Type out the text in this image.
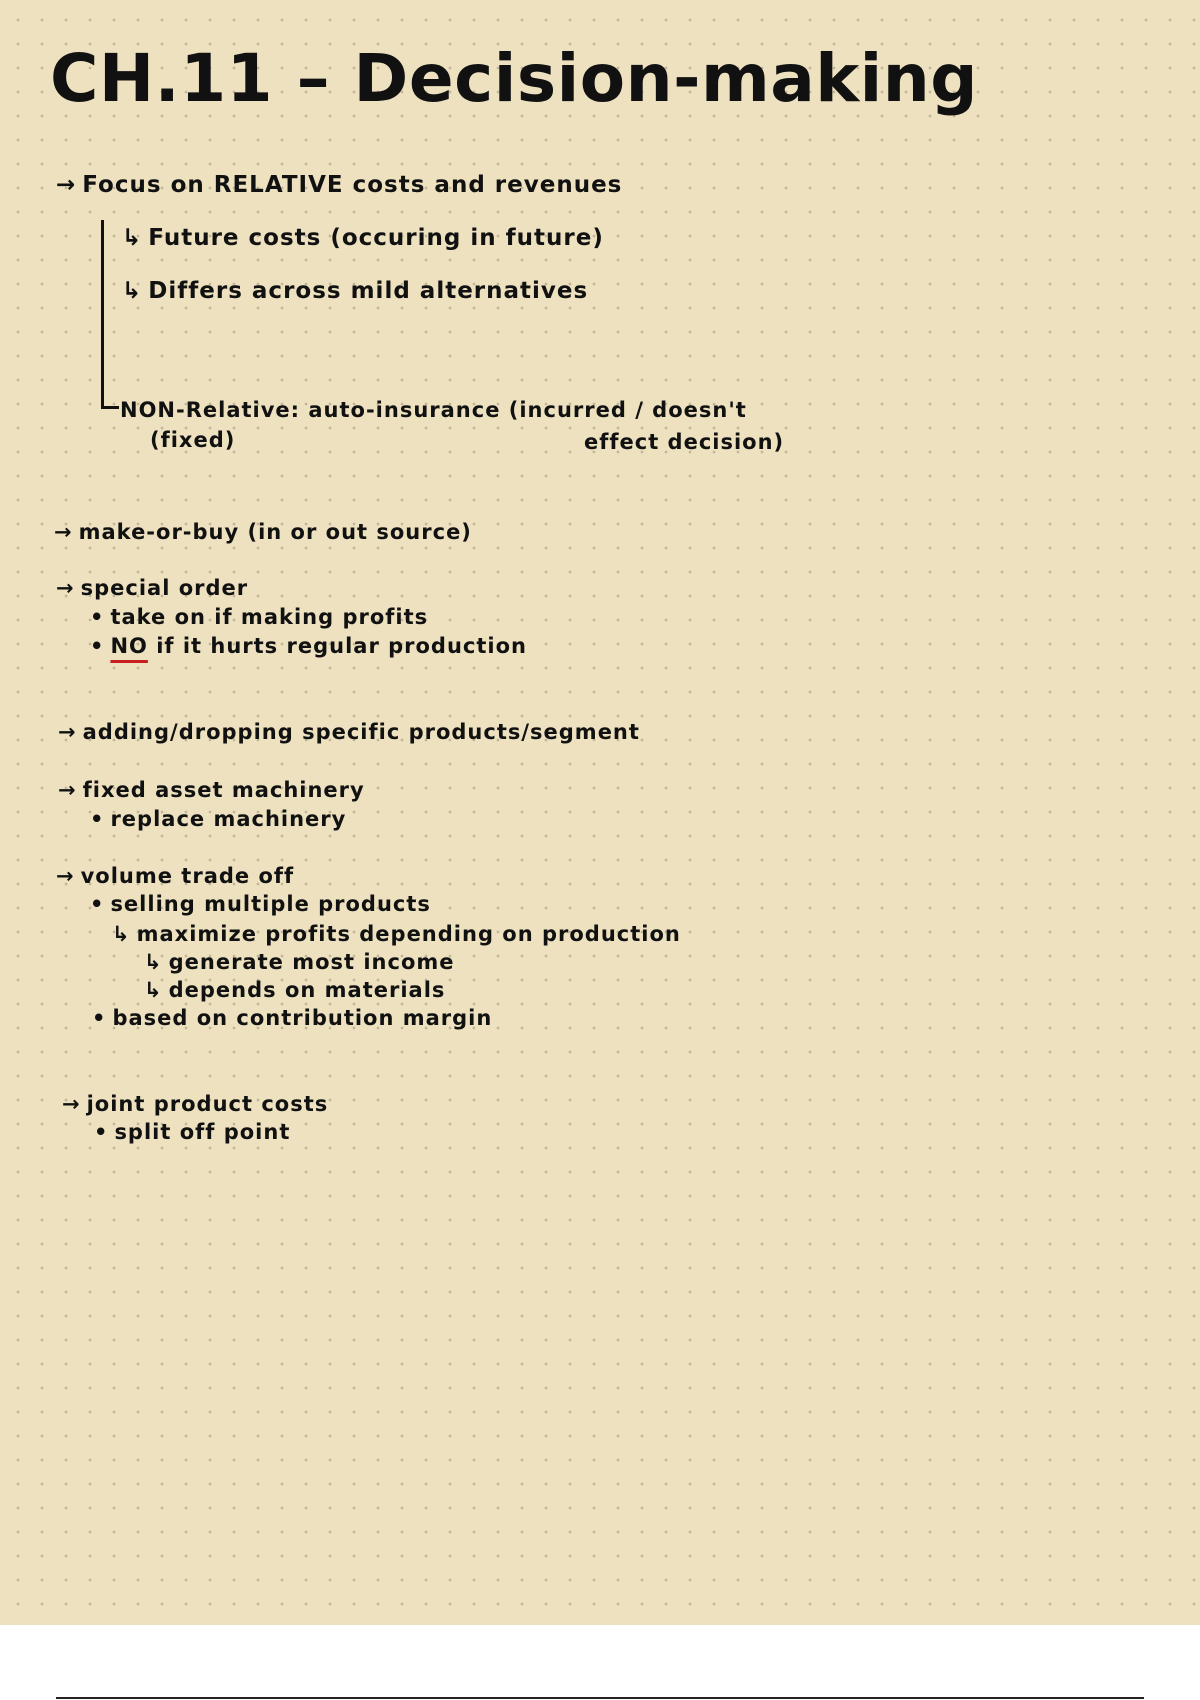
CH.11 – Decision-making
→ Focus on RELATIVE costs and revenues
↳ Future costs (occuring in future)
↳ Differs across mild alternatives
NON-Relative: auto-insurance (incurred / doesn't
(fixed)	effect decision)
→ make-or-buy (in or out source)
→ special order
• take on if making profits
• NO if it hurts regular production
→ adding/dropping specific products/segment
→ fixed asset machinery
• replace machinery
→ volume trade off
• selling multiple products
↳ maximize profits depending on production
↳ generate most income
↳ depends on materials
• based on contribution margin
→ joint product costs
• split off point
